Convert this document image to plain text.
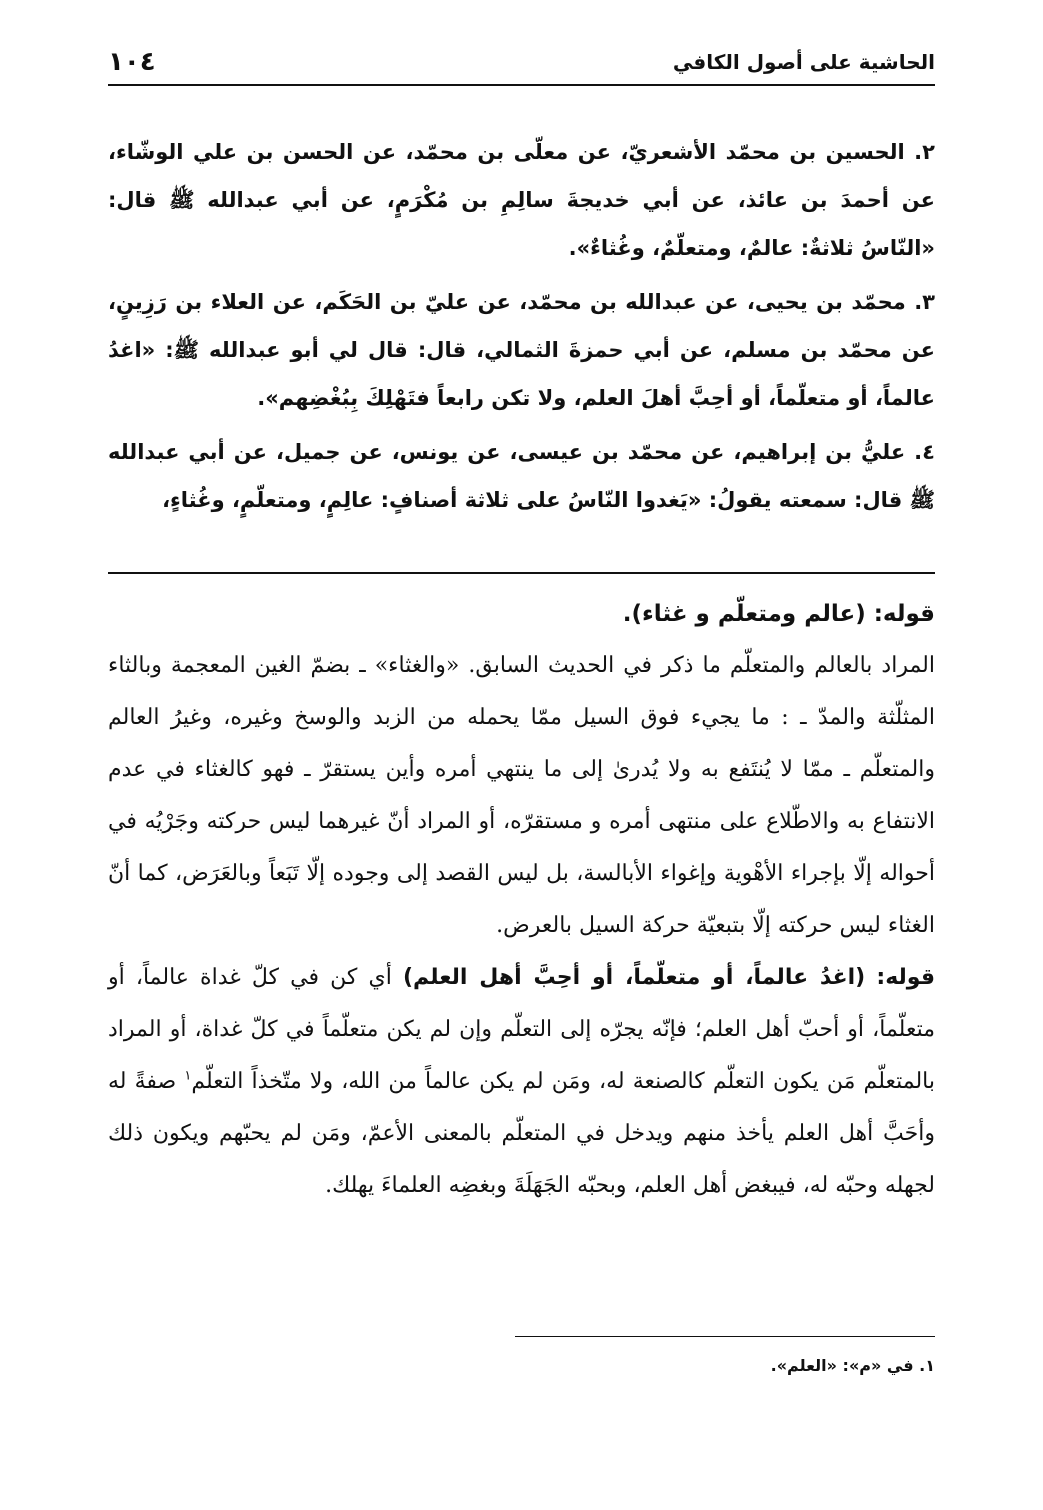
الحاشية على أصول الكافي
١٠٤

٢. الحسين بن محمّد الأشعريّ، عن معلّى بن محمّد، عن الحسن بن علي الوشّاء، عن أحمدَ بن عائذ، عن أبي خديجةَ سالِمِ بن مُكْرَمٍ، عن أبي عبدالله ﷺ قال: «النّاسُ ثلاثةٌ: عالمٌ، ومتعلّمٌ، وغُثاءٌ».

٣. محمّد بن يحيى، عن عبدالله بن محمّد، عن عليّ بن الحَكَم، عن العلاء بن رَزِينٍ، عن محمّد بن مسلم، عن أبي حمزةَ الثمالي، قال: قال لي أبو عبدالله ﷺ: «اغدُ عالماً، أو متعلّماً، أو أحِبَّ أهلَ العلم، ولا تكن رابعاً فتَهْلِكَ بِبُغْضِهم».

٤. عليُّ بن إبراهيم، عن محمّد بن عيسى، عن يونس، عن جميل، عن أبي عبدالله ﷺ قال: سمعته يقولُ: «يَغدوا النّاسُ على ثلاثة أصنافٍ: عالِمٍ، ومتعلّمٍ، وغُثاءٍ،

قوله: (عالم ومتعلّم و غثاء).

المراد بالعالم والمتعلّم ما ذكر في الحديث السابق. «والغثاء» ـ بضمّ الغين المعجمة وبالثاء المثلّثة والمدّ ـ : ما يجيء فوق السيل ممّا يحمله من الزبد والوسخ وغيره، وغيرُ العالم والمتعلّم ـ ممّا لا يُنتَفع به ولا يُدرىٰ إلى ما ينتهي أمره وأين يستقرّ ـ فهو كالغثاء في عدم الانتفاع به والاطّلاع على منتهى أمره و مستقرّه، أو المراد أنّ غيرهما ليس حركته وجَرْيُه في أحواله إلّا بإجراء الأهْوية وإغواء الأبالسة، بل ليس القصد إلى وجوده إلّا تَبَعاً وبالعَرَض، كما أنّ الغثاء ليس حركته إلّا بتبعيّة حركة السيل بالعرض.

قوله: (اغدُ عالماً، أو متعلّماً، أو أحِبَّ أهل العلم) أي كن في كلّ غداة عالماً، أو متعلّماً، أو أحبّ أهل العلم؛ فإنّه يجرّه إلى التعلّم وإن لم يكن متعلّماً في كلّ غداة، أو المراد بالمتعلّم مَن يكون التعلّم كالصنعة له، ومَن لم يكن عالماً من الله، ولا متّخذاً التعلّم$^١$ صفةً له وأحَبَّ أهل العلم يأخذ منهم ويدخل في المتعلّم بالمعنى الأعمّ، ومَن لم يحبّهم ويكون ذلك لجهله وحبّه له، فيبغض أهل العلم، وبحبّه الجَهَلَةَ وبغضِه العلماءَ يهلك.

١. في «م»: «العلم».
